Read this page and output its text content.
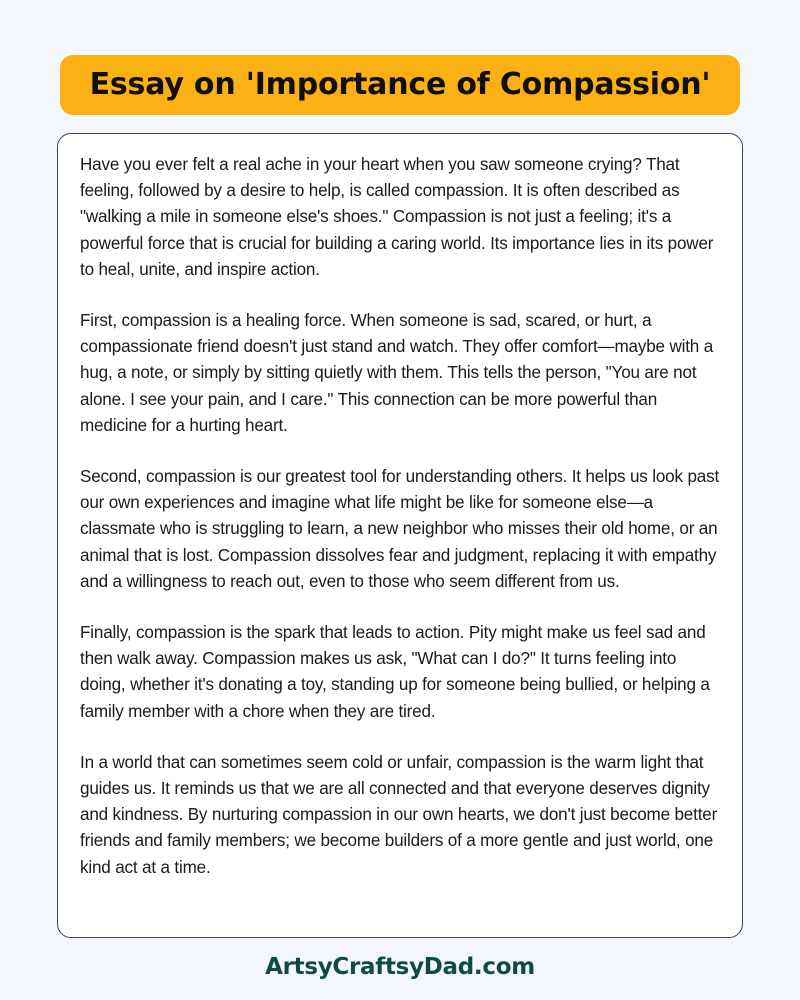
Essay on 'Importance of Compassion'

Have you ever felt a real ache in your heart when you saw someone crying? That feeling, followed by a desire to help, is called compassion. It is often described as "walking a mile in someone else's shoes." Compassion is not just a feeling; it's a powerful force that is crucial for building a caring world. Its importance lies in its power to heal, unite, and inspire action.

First, compassion is a healing force. When someone is sad, scared, or hurt, a compassionate friend doesn't just stand and watch. They offer comfort—maybe with a hug, a note, or simply by sitting quietly with them. This tells the person, "You are not alone. I see your pain, and I care." This connection can be more powerful than medicine for a hurting heart.

Second, compassion is our greatest tool for understanding others. It helps us look past our own experiences and imagine what life might be like for someone else—a classmate who is struggling to learn, a new neighbor who misses their old home, or an animal that is lost. Compassion dissolves fear and judgment, replacing it with empathy and a willingness to reach out, even to those who seem different from us.

Finally, compassion is the spark that leads to action. Pity might make us feel sad and then walk away. Compassion makes us ask, "What can I do?" It turns feeling into doing, whether it's donating a toy, standing up for someone being bullied, or helping a family member with a chore when they are tired.

In a world that can sometimes seem cold or unfair, compassion is the warm light that guides us. It reminds us that we are all connected and that everyone deserves dignity and kindness. By nurturing compassion in our own hearts, we don't just become better friends and family members; we become builders of a more gentle and just world, one kind act at a time.

ArtsyCraftsyDad.com
